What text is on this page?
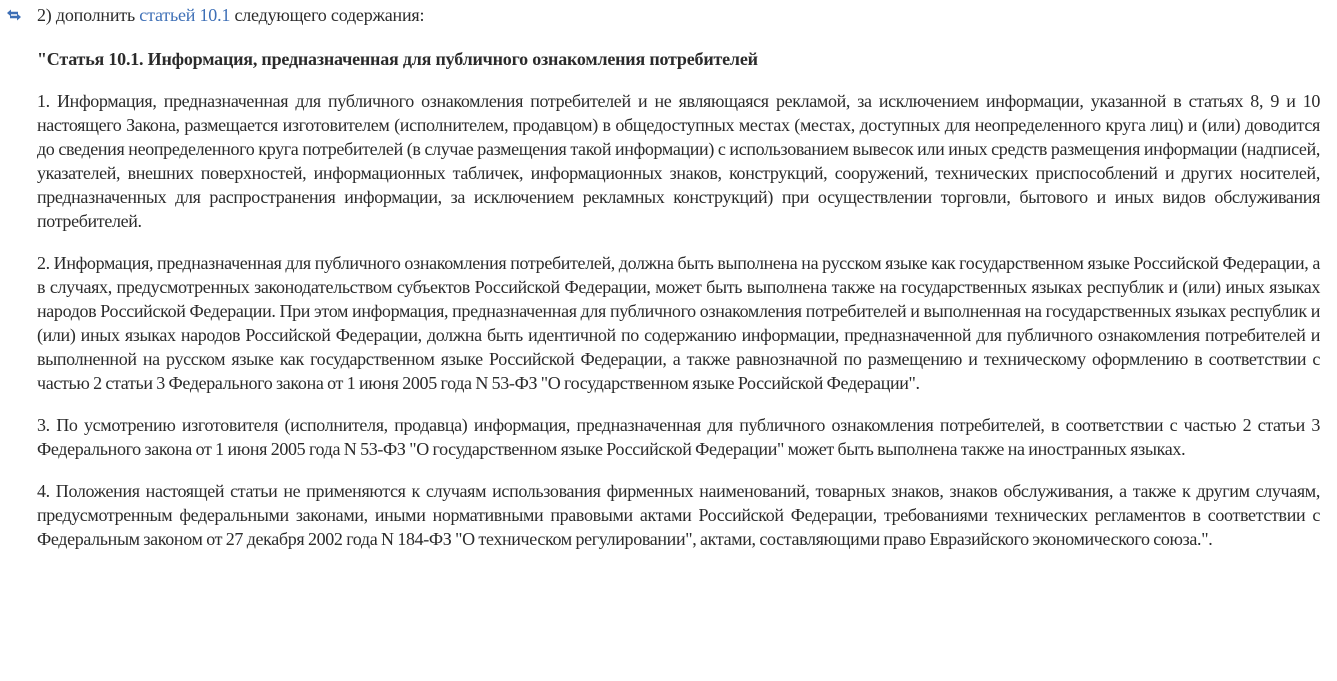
2) дополнить статьей 10.1 следующего содержания:
"Статья 10.1. Информация, предназначенная для публичного ознакомления потребителей

1. Информация, предназначенная для публичного ознакомления потребителей и не являющаяся рекламой, за исключением информации, указанной в статьях 8, 9 и 10 настоящего Закона, размещается изготовителем (исполнителем, продавцом) в общедоступных местах (местах, доступных для неопределенного круга лиц) и (или) доводится до сведения неопределенного круга потребителей (в случае размещения такой информации) с использованием вывесок или иных средств размещения информации (надписей, указателей, внешних поверхностей, информационных табличек, информационных знаков, конструкций, сооружений, технических приспособлений и других носителей, предназначенных для распространения информации, за исключением рекламных конструкций) при осуществлении торговли, бытового и иных видов обслуживания потребителей.

2. Информация, предназначенная для публичного ознакомления потребителей, должна быть выполнена на русском языке как государственном языке Российской Федерации, а в случаях, предусмотренных законодательством субъектов Российской Федерации, может быть выполнена также на государственных языках республик и (или) иных языках народов Российской Федерации. При этом информация, предназначенная для публичного ознакомления потребителей и выполненная на государственных языках республик и (или) иных языках народов Российской Федерации, должна быть идентичной по содержанию информации, предназначенной для публичного ознакомления потребителей и выполненной на русском языке как государственном языке Российской Федерации, а также равнозначной по размещению и техническому оформлению в соответствии с частью 2 статьи 3 Федерального закона от 1 июня 2005 года N 53-ФЗ "О государственном языке Российской Федерации".

3. По усмотрению изготовителя (исполнителя, продавца) информация, предназначенная для публичного ознакомления потребителей, в соответствии с частью 2 статьи 3 Федерального закона от 1 июня 2005 года N 53-ФЗ "О государственном языке Российской Федерации" может быть выполнена также на иностранных языках.

4. Положения настоящей статьи не применяются к случаям использования фирменных наименований, товарных знаков, знаков обслуживания, а также к другим случаям, предусмотренным федеральными законами, иными нормативными правовыми актами Российской Федерации, требованиями технических регламентов в соответствии с Федеральным законом от 27 декабря 2002 года N 184-ФЗ "О техническом регулировании", актами, составляющими право Евразийского экономического союза.".
